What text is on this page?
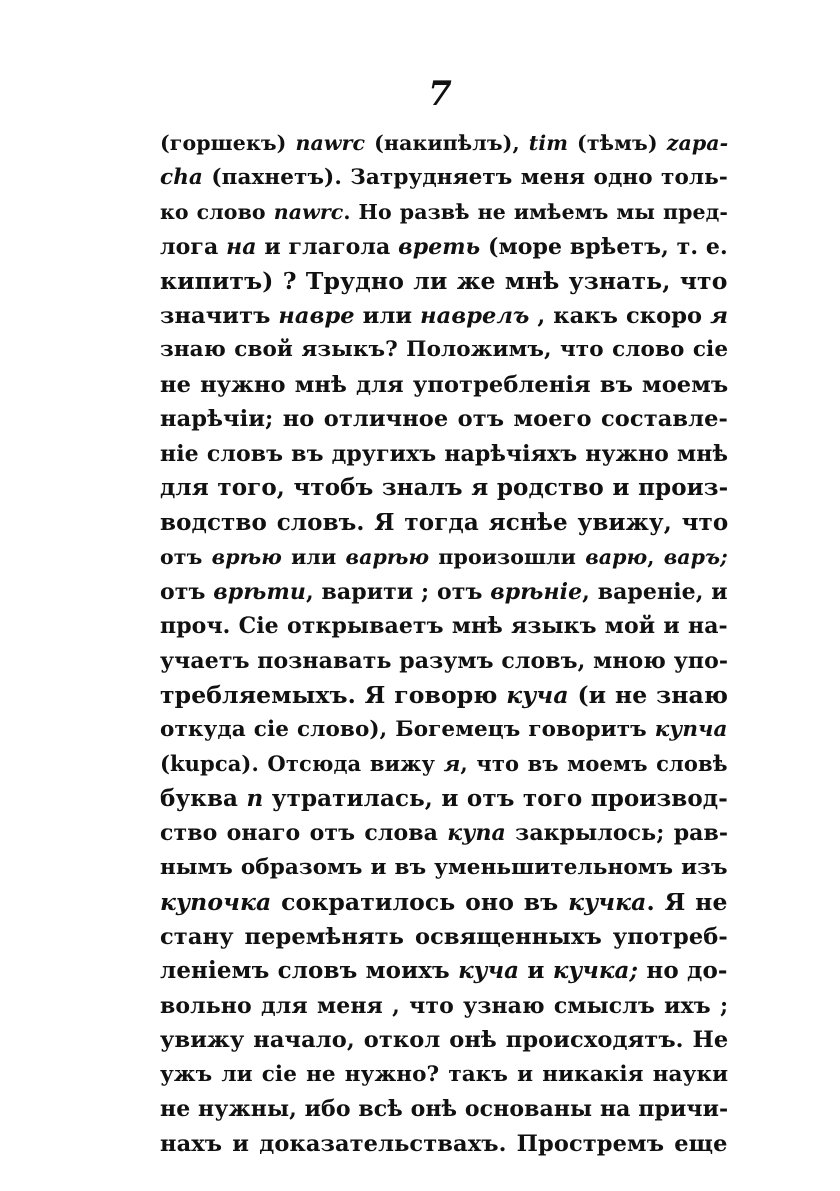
7
(горшекъ) nawrc (накипѣлъ), tim (тѣмъ) zapa-
cha (пахнетъ). Затрудняетъ меня одно толь-
ко слово nawrc. Но развѣ не имѣемъ мы пред-
лога на и глагола вреть (море врѣетъ, т. е.
кипитъ) ? Трудно ли же мнѣ узнать, что
значитъ навре или наврелъ , какъ скоро я
знаю свой языкъ? Положимъ, что слово сiе
не нужно мнѣ для употребленiя въ моемъ
нарѣчiи; но отличное отъ моего составле-
нiе словъ въ другихъ нарѣчiяхъ нужно мнѣ
для того, чтобъ зналъ я родство и произ-
водство словъ. Я тогда яснѣе увижу, что
отъ врѣю или варѣю произошли варю, варъ;
отъ врѣти, варити ; отъ врѣнiе, варенiе, и
проч. Сiе открываетъ мнѣ языкъ мой и на-
учаетъ познавать разумъ словъ, мною упо-
требляемыхъ. Я говорю куча (и не знаю
откуда сiе слово), Богемецъ говоритъ купча
(kupca). Отсюда вижу я, что въ моемъ словѣ
буква п утратилась, и отъ того производ-
ство онаго отъ слова купа закрылось; рав-
нымъ образомъ и въ уменьшительномъ изъ
купочка сократилось оно въ кучка. Я не
стану перемѣнять освященныхъ употреб-
ленiемъ словъ моихъ куча и кучка; но до-
вольно для меня , что узнаю смыслъ ихъ ;
увижу начало, откол онѣ происходятъ. Не
ужъ ли сiе не нужно? такъ и никакiя науки
не нужны, ибо всѣ онѣ основаны на причи-
нахъ и доказательствахъ. Простремъ еще
